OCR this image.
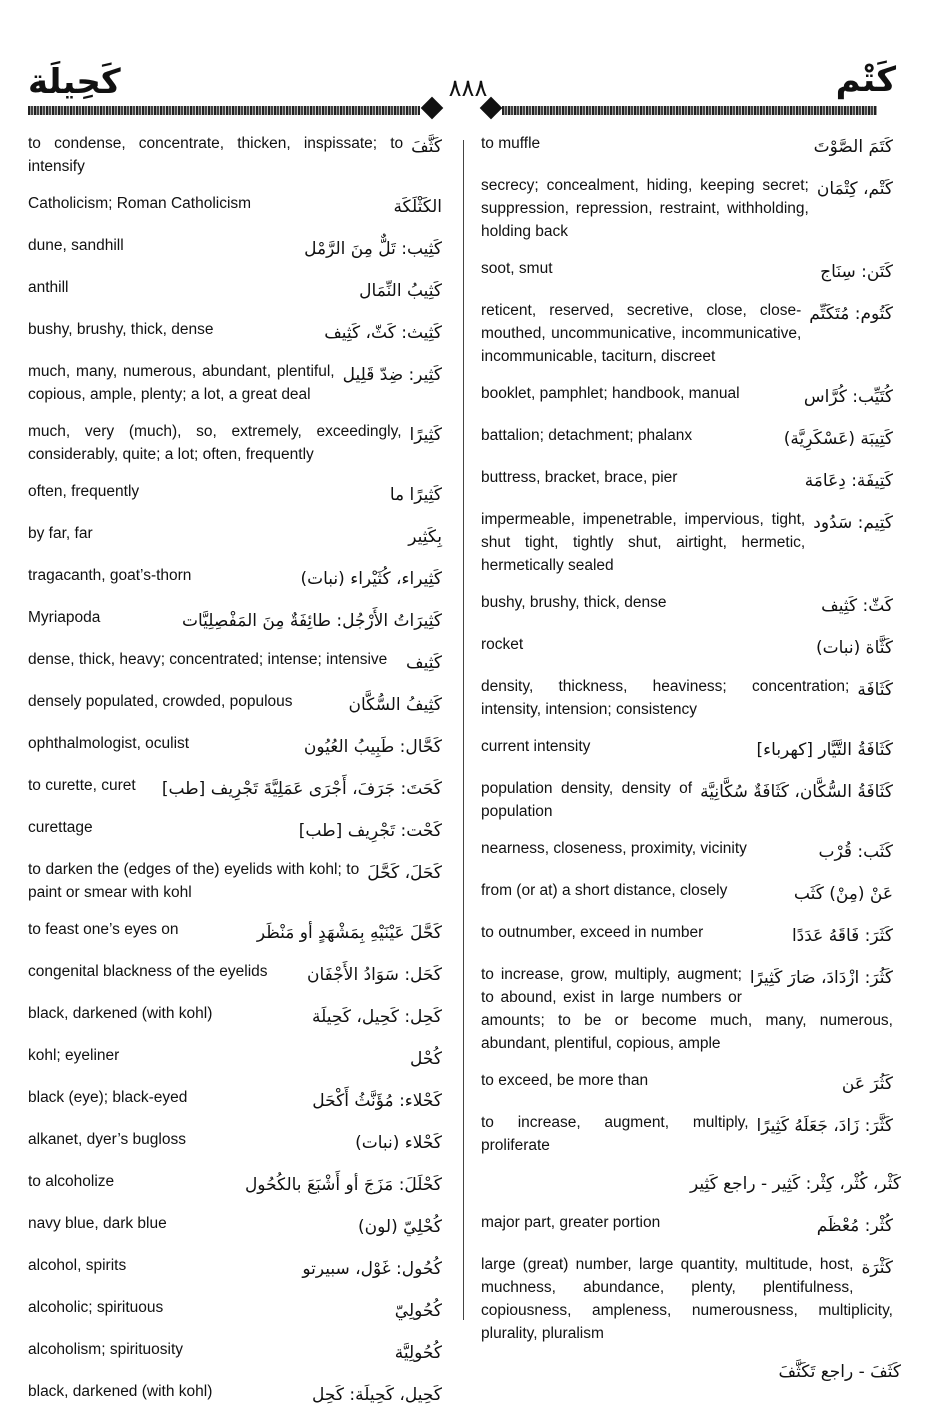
كَحِيلَة	٨٨٨	كَتْم
كَثَّفَ
to condense, concentrate, thicken, inspissate; to intensify
الكَثْلَكَة
Catholicism; Roman Catholicism
كَثِيب: تَلٌّ مِنَ الرَّمْل
dune, sandhill
كَثِيبُ النِّمَال
anthill
كَثِيث: كَثّ، كَثِيف
bushy, brushy, thick, dense
كَثِير: ضِدّ قَلِيل
much, many, numerous, abundant, plentiful, copious, ample, plenty; a lot, a great deal
كَثِيرًا
much, very (much), so, extremely, exceedingly, considerably, quite; a lot; often, frequently
كَثِيرًا ما
often, frequently
بِكَثِير
by far, far
كَثِيراء، كُثَيْراء (نبات)
tragacanth, goat’s-thorn
كَثِيرَاتُ الأَرْجُل: طائِفَةٌ مِنَ المَفْصِلِيَّات
Myriapoda
كَثِيف
dense, thick, heavy; concentrated; intense; intensive
كَثِيفُ السُّكَّان
densely populated, crowded, populous
كَحَّال: طَبِيبُ العُيُون
ophthalmologist, oculist
كَحَتَ: جَرَفَ، أَجْرَى عَمَلِيَّةَ تَجْرِيف [طب]
to curette, curet
كَحْت: تَجْرِيف [طب]
curettage
كَحَلَ، كَحَّلَ
to darken the (edges of the) eyelids with kohl; to paint or smear with kohl
كَحَّلَ عَيْنَيْهِ بِمَشْهَدٍ أو مَنْظَر
to feast one’s eyes on
كَحَل: سَوَادُ الأَجْفَان
congenital blackness of the eyelids
كَحِل: كَحِيل، كَحِيلَة
black, darkened (with kohl)
كُحْل
kohl; eyeliner
كَحْلاء: مُؤَنَّثُ أَكْحَل
black (eye); black-eyed
كَحْلاء (نبات)
alkanet, dyer’s bugloss
كَحْلَلَ: مَزَجَ أو أَشْبَعَ بالكُحُول
to alcoholize
كُحْلِيّ (لون)
navy blue, dark blue
كُحُول: غَوْل، سبيرتو
alcohol, spirits
كُحُولِيّ
alcoholic; spirituous
كُحُولِيَّة
alcoholism; spirituosity
كَحِيل، كَحِيلَة: كَحِل
black, darkened (with kohl)
كَتَمَ الصَّوْتَ
to muffle
كَتْم، كِتْمَان
secrecy; concealment, hiding, keeping secret; suppression, repression, restraint, withholding, holding back
كَتَن: سِنَاج
soot, smut
كَتُوم: مُتَكَتِّم
reticent, reserved, secretive, close, close-mouthed, uncommunicative, incommunicative, incommunicable, taciturn, discreet
كُتَيِّب: كُرَّاس
booklet, pamphlet; handbook, manual
كَتِيبَة (عَسْكَرِيَّة)
battalion; detachment; phalanx
كَتِيفَة: دِعَامَة
buttress, bracket, brace, pier
كَتِيم: سَدُود
impermeable, impenetrable, impervious, tight, shut tight, tightly shut, airtight, hermetic, hermetically sealed
كَثّ: كَثِيف
bushy, brushy, thick, dense
كَثَّاة (نبات)
rocket
كَثَافَة
density, thickness, heaviness; concentration; intensity, intension; consistency
كَثَافَةُ التَّيَّار [كهرباء]
current intensity
كَثَافَةُ السُّكَّان، كَثَافَةٌ سُكَّانِيَّة
population density, density of population
كَثَب: قُرْب
nearness, closeness, proximity, vicinity
عَنْ (مِنْ) كَثَب
from (or at) a short distance, closely
كَثَرَ: فَاقَهُ عَدَدًا
to outnumber, exceed in number
كَثُرَ: ازْدَادَ، صَارَ كَثِيرًا
to increase, grow, multiply, augment; to abound, exist in large numbers or amounts; to be or become much, many, numerous, abundant, plentiful, copious, ample
كَثُرَ عَن
to exceed, be more than
كَثَّرَ: زَادَ، جَعَلَهُ كَثِيرًا
to increase, augment, multiply, proliferate
كَثْر، كُثْر، كِثْر: كَثِير - راجع كَثِير
كُثْر: مُعْظَم
major part, greater portion
كَثْرَة
large (great) number, large quantity, multitude, host, muchness, abundance, plenty, plentifulness, copiousness, ampleness, numerousness, multiplicity, plurality, pluralism
كَثَفَ - راجع تَكَثَّفَ
